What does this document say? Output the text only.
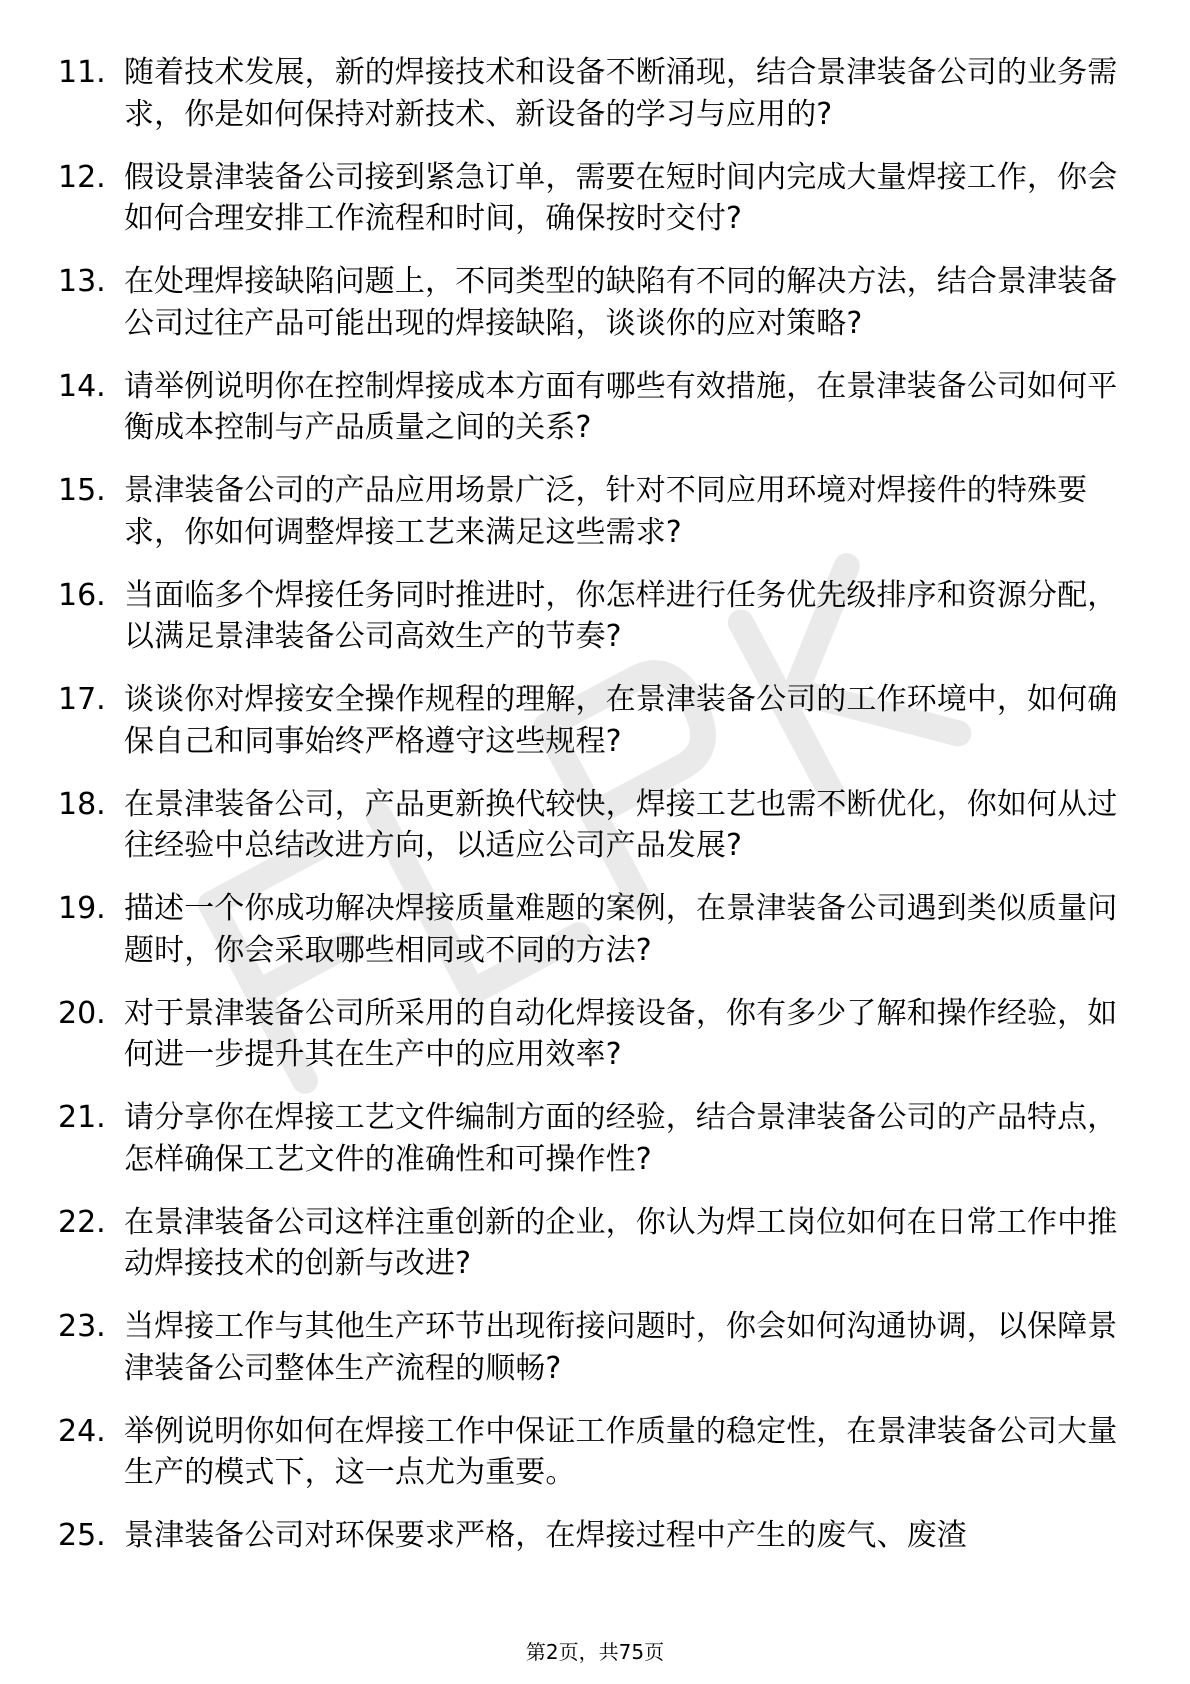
11. 随着技术发展，新的焊接技术和设备不断涌现，结合景津装备公司的业务需求，你是如何保持对新技术、新设备的学习与应用的?
12. 假设景津装备公司接到紧急订单，需要在短时间内完成大量焊接工作，你会如何合理安排工作流程和时间，确保按时交付?
13. 在处理焊接缺陷问题上，不同类型的缺陷有不同的解决方法，结合景津装备公司过往产品可能出现的焊接缺陷，谈谈你的应对策略?
14. 请举例说明你在控制焊接成本方面有哪些有效措施，在景津装备公司如何平衡成本控制与产品质量之间的关系?
15. 景津装备公司的产品应用场景广泛，针对不同应用环境对焊接件的特殊要求，你如何调整焊接工艺来满足这些需求?
16. 当面临多个焊接任务同时推进时，你怎样进行任务优先级排序和资源分配，以满足景津装备公司高效生产的节奏?
17. 谈谈你对焊接安全操作规程的理解，在景津装备公司的工作环境中，如何确保自己和同事始终严格遵守这些规程?
18. 在景津装备公司，产品更新换代较快，焊接工艺也需不断优化，你如何从过往经验中总结改进方向，以适应公司产品发展?
19. 描述一个你成功解决焊接质量难题的案例，在景津装备公司遇到类似质量问题时，你会采取哪些相同或不同的方法?
20. 对于景津装备公司所采用的自动化焊接设备，你有多少了解和操作经验，如何进一步提升其在生产中的应用效率?
21. 请分享你在焊接工艺文件编制方面的经验，结合景津装备公司的产品特点，怎样确保工艺文件的准确性和可操作性?
22. 在景津装备公司这样注重创新的企业，你认为焊工岗位如何在日常工作中推动焊接技术的创新与改进?
23. 当焊接工作与其他生产环节出现衔接问题时，你会如何沟通协调，以保障景津装备公司整体生产流程的顺畅?
24. 举例说明你如何在焊接工作中保证工作质量的稳定性，在景津装备公司大量生产的模式下，这一点尤为重要。
25. 景津装备公司对环保要求严格，在焊接过程中产生的废气、废渣
第2页，共75页
